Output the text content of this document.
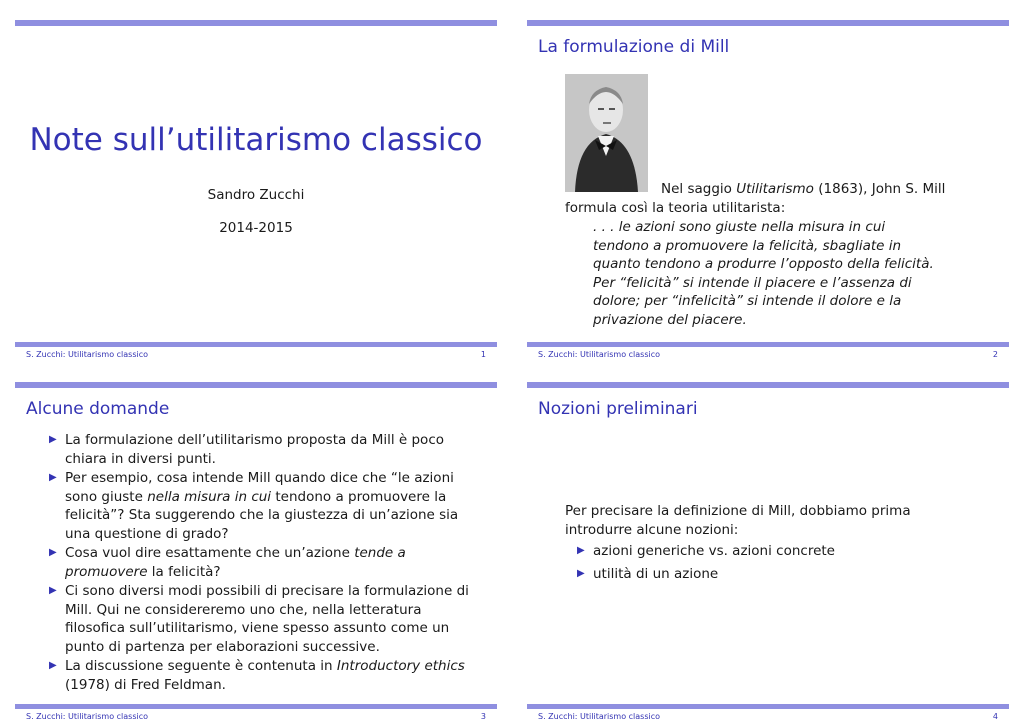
Note sull’utilitarismo classico
Sandro Zucchi
2014-2015
S. Zucchi: Utilitarismo classico	1
La formulazione di Mill
Nel saggio Utilitarismo (1863), John S. Mill formula così la teoria utilitarista:
. . . le azioni sono giuste nella misura in cui tendono a promuovere la felicità, sbagliate in quanto tendono a produrre l’opposto della felicità. Per “felicità” si intende il piacere e l’assenza di dolore; per “infelicità” si intende il dolore e la privazione del piacere.
S. Zucchi: Utilitarismo classico	2
Alcune domande
▶ La formulazione dell’utilitarismo proposta da Mill è poco chiara in diversi punti.
▶ Per esempio, cosa intende Mill quando dice che “le azioni sono giuste nella misura in cui tendono a promuovere la felicità”? Sta suggerendo che la giustezza di un’azione sia una questione di grado?
▶ Cosa vuol dire esattamente che un’azione tende a promuovere la felicità?
▶ Ci sono diversi modi possibili di precisare la formulazione di Mill. Qui ne considereremo uno che, nella letteratura filosofica sull’utilitarismo, viene spesso assunto come un punto di partenza per elaborazioni successive.
▶ La discussione seguente è contenuta in Introductory ethics (1978) di Fred Feldman.
S. Zucchi: Utilitarismo classico	3
Nozioni preliminari
Per precisare la definizione di Mill, dobbiamo prima introdurre alcune nozioni:
▶ azioni generiche vs. azioni concrete
▶ utilità di un azione
S. Zucchi: Utilitarismo classico	4
